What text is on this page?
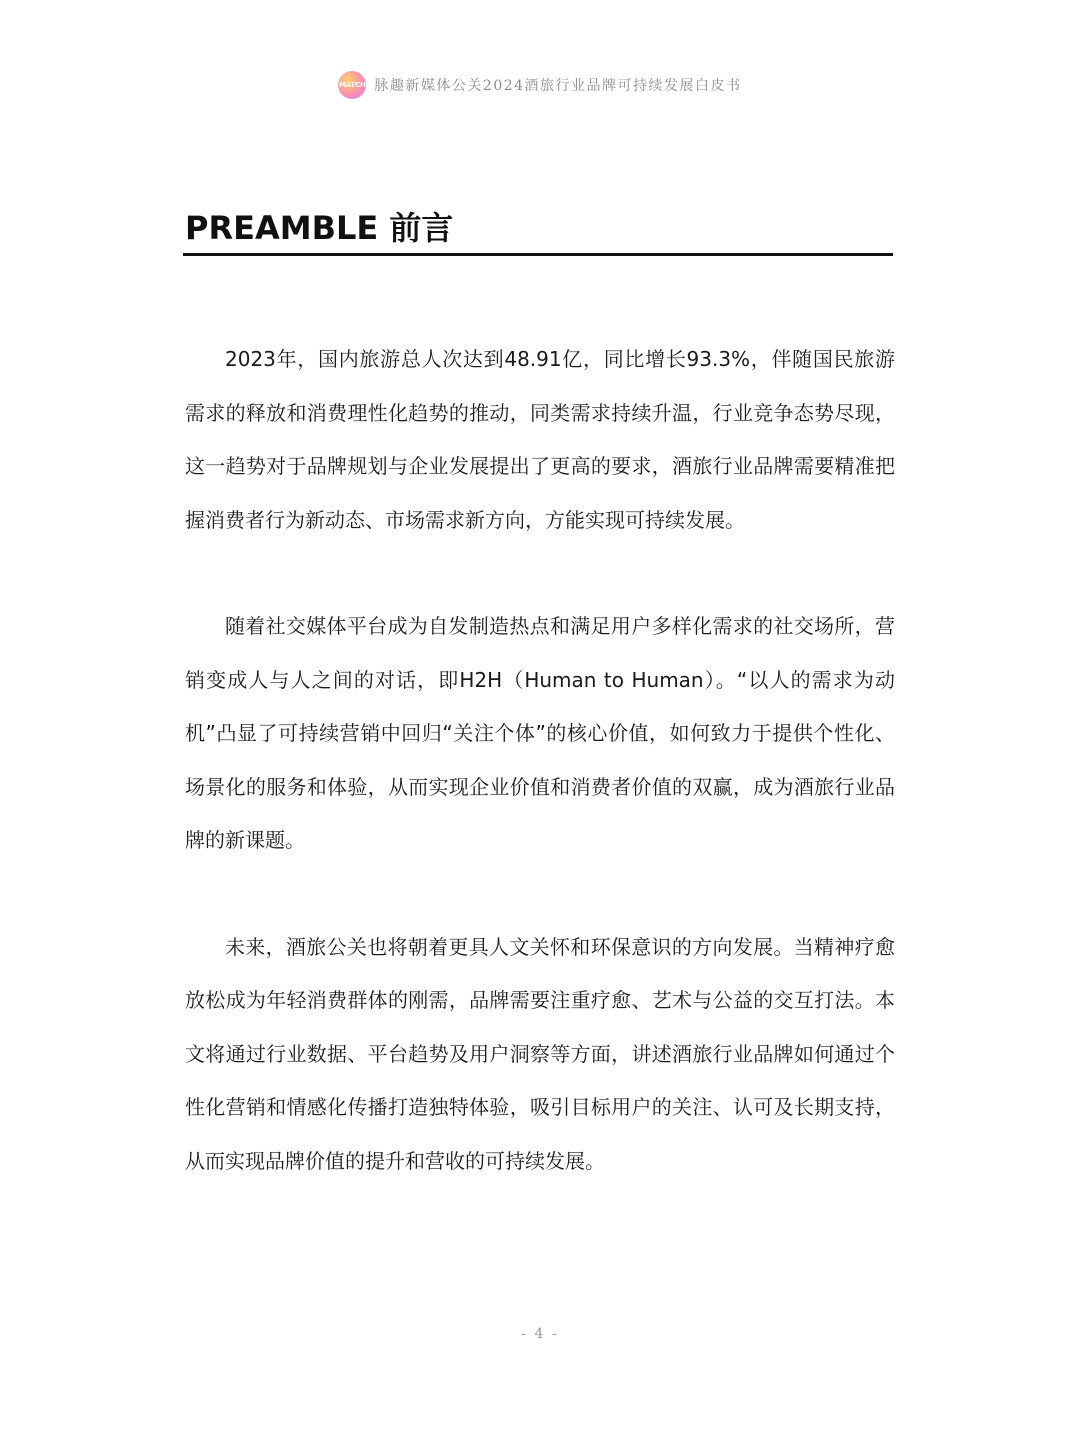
MATCH 脉趣新媒体公关2024酒旅行业品牌可持续发展白皮书
PREAMBLE 前言

2023年，国内旅游总人次达到48.91亿，同比增长93.3%，伴随国民旅游需求的释放和消费理性化趋势的推动，同类需求持续升温，行业竞争态势尽现，这一趋势对于品牌规划与企业发展提出了更高的要求，酒旅行业品牌需要精准把握消费者行为新动态、市场需求新方向，方能实现可持续发展。

随着社交媒体平台成为自发制造热点和满足用户多样化需求的社交场所，营销变成人与人之间的对话，即H2H（Human to Human）。“以人的需求为动机”凸显了可持续营销中回归“关注个体”的核心价值，如何致力于提供个性化、场景化的服务和体验，从而实现企业价值和消费者价值的双赢，成为酒旅行业品牌的新课题。

未来，酒旅公关也将朝着更具人文关怀和环保意识的方向发展。当精神疗愈放松成为年轻消费群体的刚需，品牌需要注重疗愈、艺术与公益的交互打法。本文将通过行业数据、平台趋势及用户洞察等方面，讲述酒旅行业品牌如何通过个性化营销和情感化传播打造独特体验，吸引目标用户的关注、认可及长期支持，从而实现品牌价值的提升和营收的可持续发展。

- 4 -
